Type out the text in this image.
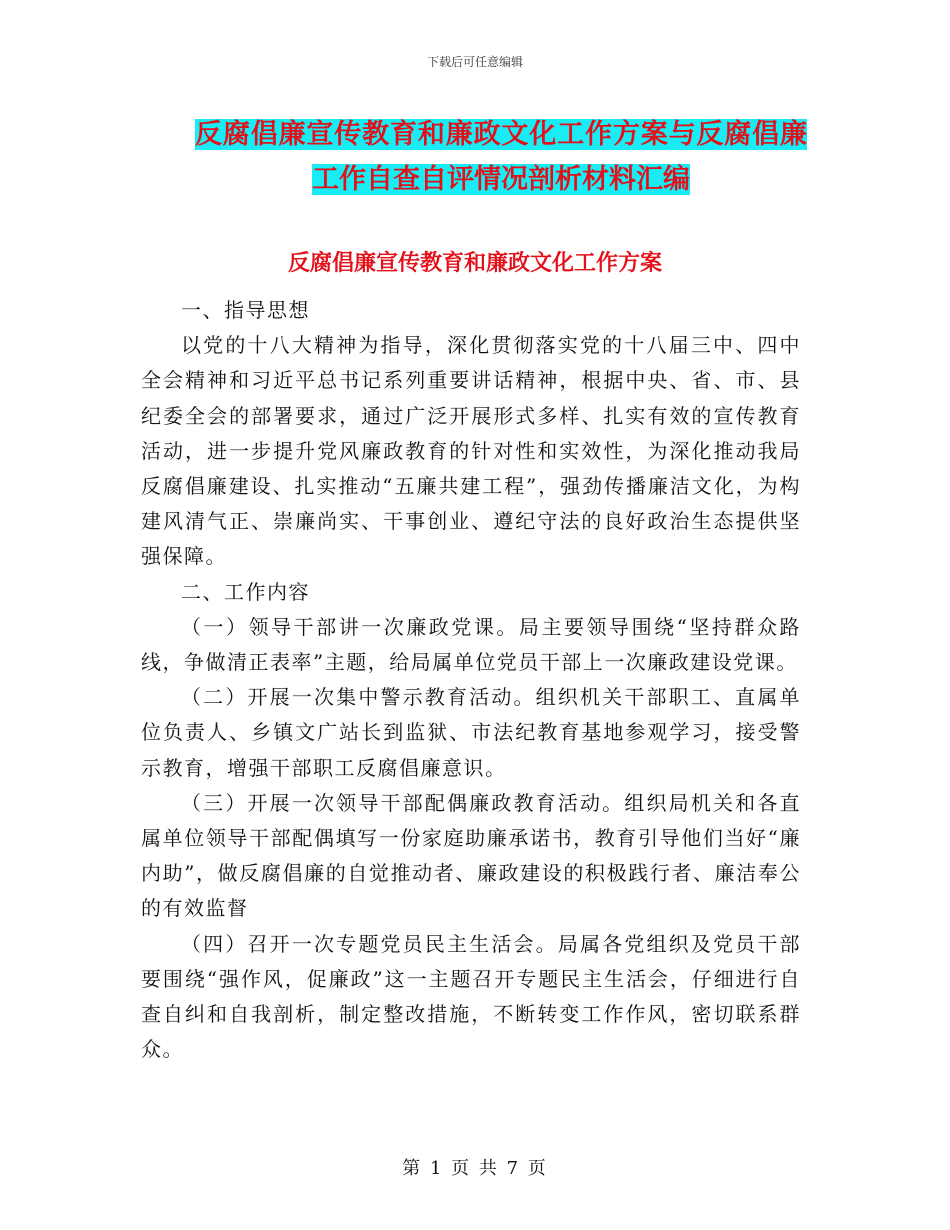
下载后可任意编辑
反腐倡廉宣传教育和廉政文化工作方案与反腐倡廉工作自查自评情况剖析材料汇编
反腐倡廉宣传教育和廉政文化工作方案

一、指导思想

以党的十八大精神为指导，深化贯彻落实党的十八届三中、四中全会精神和习近平总书记系列重要讲话精神，根据中央、省、市、县纪委全会的部署要求，通过广泛开展形式多样、扎实有效的宣传教育活动，进一步提升党风廉政教育的针对性和实效性，为深化推动我局反腐倡廉建设、扎实推动“五廉共建工程”，强劲传播廉洁文化，为构建风清气正、崇廉尚实、干事创业、遵纪守法的良好政治生态提供坚强保障。

二、工作内容

（一）领导干部讲一次廉政党课。局主要领导围绕“坚持群众路线，争做清正表率”主题，给局属单位党员干部上一次廉政建设党课。

（二）开展一次集中警示教育活动。组织机关干部职工、直属单位负责人、乡镇文广站长到监狱、市法纪教育基地参观学习，接受警示教育，增强干部职工反腐倡廉意识。

（三）开展一次领导干部配偶廉政教育活动。组织局机关和各直属单位领导干部配偶填写一份家庭助廉承诺书，教育引导他们当好“廉内助”，做反腐倡廉的自觉推动者、廉政建设的积极践行者、廉洁奉公的有效监督

（四）召开一次专题党员民主生活会。局属各党组织及党员干部要围绕“强作风，促廉政”这一主题召开专题民主生活会，仔细进行自查自纠和自我剖析，制定整改措施，不断转变工作作风，密切联系群众。

第 1 页 共 7 页
